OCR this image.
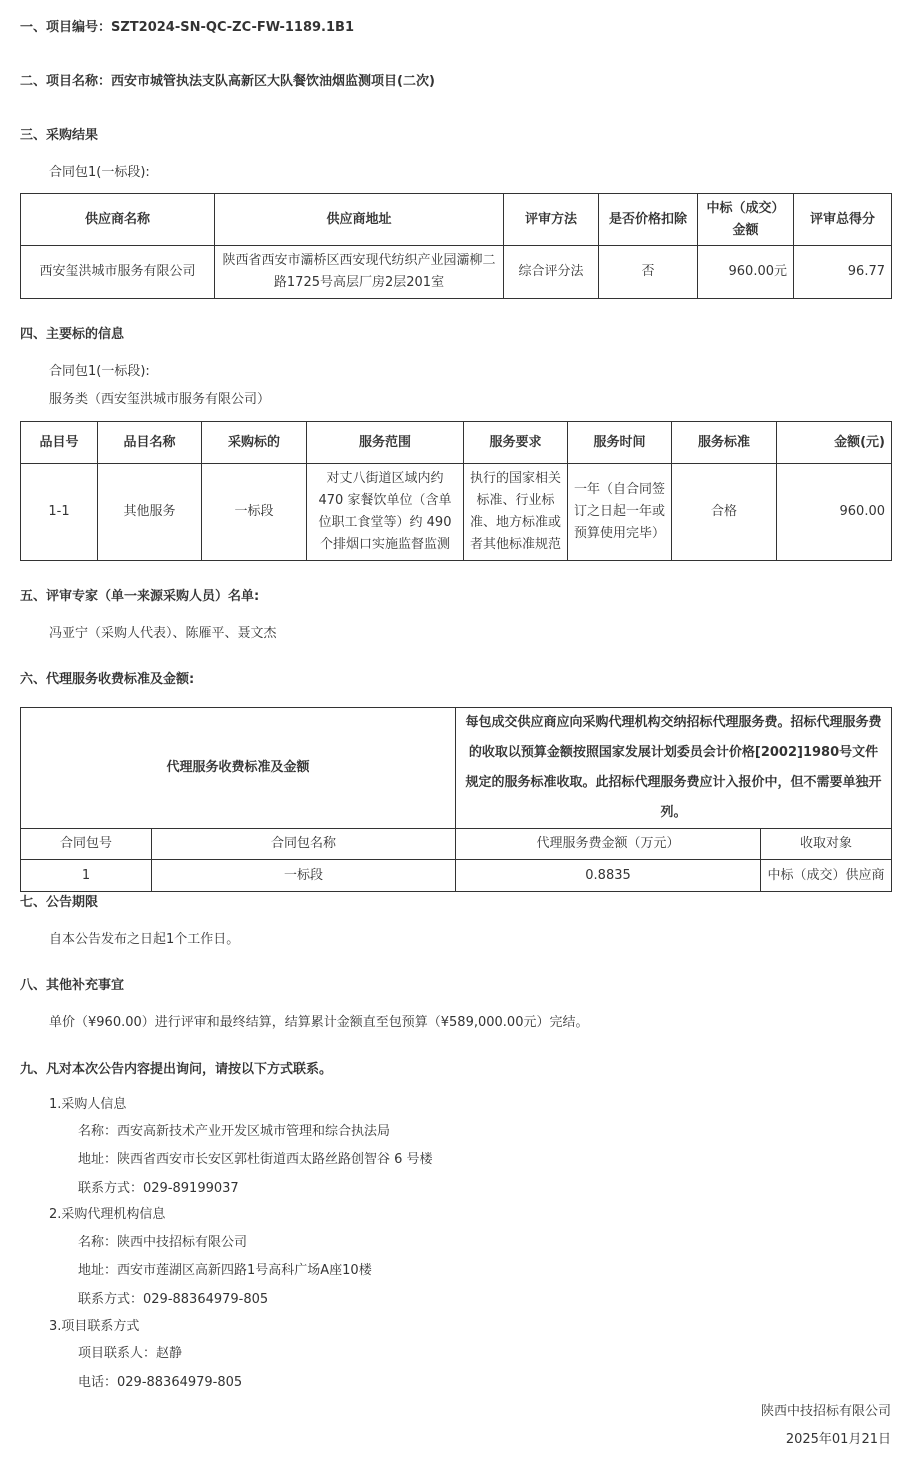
一、项目编号：SZT2024-SN-QC-ZC-FW-1189.1B1
二、项目名称：西安市城管执法支队高新区大队餐饮油烟监测项目(二次)
三、采购结果
合同包1(一标段):
供应商名称	供应商地址	评审方法	是否价格扣除	中标（成交）金额	评审总得分
西安玺洪城市服务有限公司	陕西省西安市灞桥区西安现代纺织产业园灞柳二路1725号高层厂房2层201室	综合评分法	否	960.00元	96.77
四、主要标的信息
合同包1(一标段):
服务类（西安玺洪城市服务有限公司）
品目号	品目名称	采购标的	服务范围	服务要求	服务时间	服务标准	金额(元)
1-1	其他服务	一标段	对丈八街道区域内约 470 家餐饮单位（含单位职工食堂等）约 490 个排烟口实施监督监测	执行的国家相关标准、行业标准、地方标准或者其他标准规范	一年（自合同签订之日起一年或预算使用完毕）	合格	960.00
五、评审专家（单一来源采购人员）名单:
冯亚宁（采购人代表）、陈雁平、聂文杰
六、代理服务收费标准及金额:
代理服务收费标准及金额		每包成交供应商应向采购代理机构交纳招标代理服务费。招标代理服务费的收取以预算金额按照国家发展计划委员会计价格[2002]1980号文件规定的服务标准收取。此招标代理服务费应计入报价中，但不需要单独开列。	
合同包号	合同包名称	代理服务费金额（万元）	收取对象
1	一标段	0.8835	中标（成交）供应商
七、公告期限
自本公告发布之日起1个工作日。
八、其他补充事宜
单价（¥960.00）进行评审和最终结算，结算累计金额直至包预算（¥589,000.00元）完结。
九、凡对本次公告内容提出询问，请按以下方式联系。
1.采购人信息
名称：西安高新技术产业开发区城市管理和综合执法局
地址：陕西省西安市长安区郭杜街道西太路丝路创智谷 6 号楼
联系方式：029-89199037
2.采购代理机构信息
名称：陕西中技招标有限公司
地址：西安市莲湖区高新四路1号高科广场A座10楼
联系方式：029-88364979-805
3.项目联系方式
项目联系人：赵静
电话：029-88364979-805
陕西中技招标有限公司
2025年01月21日
